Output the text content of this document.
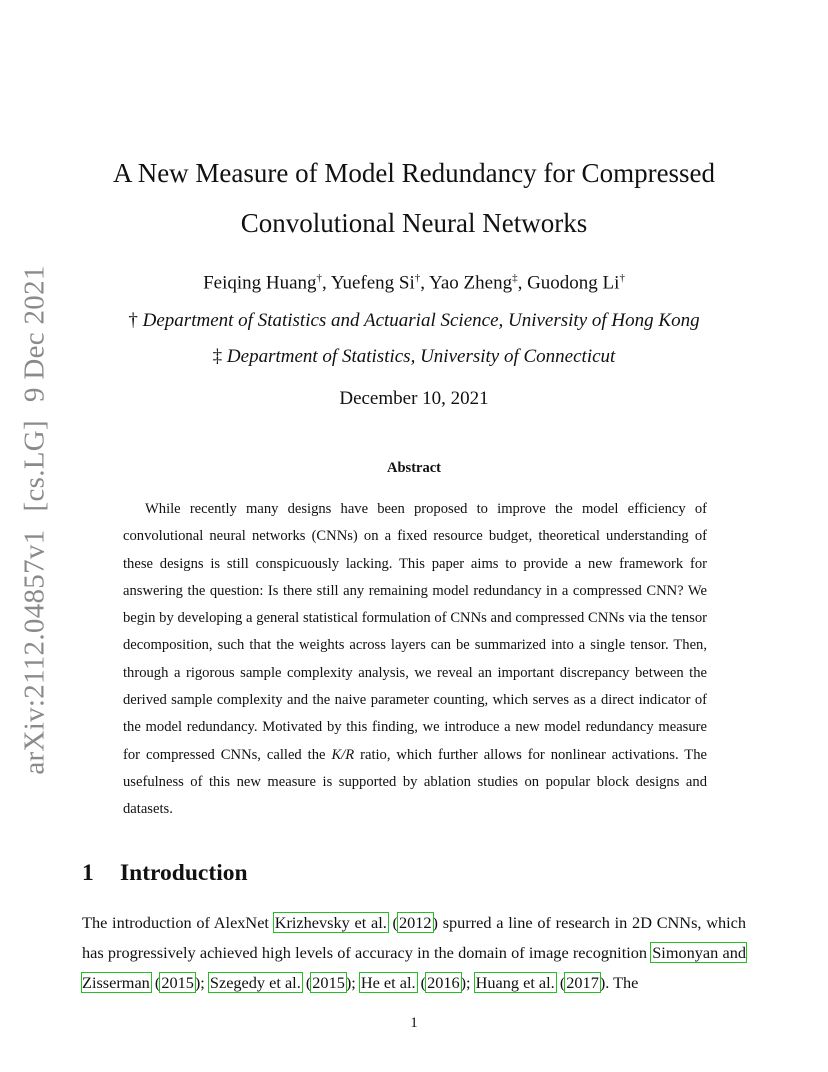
arXiv:2112.04857v1[cs.LG]9 Dec 2021
A New Measure of Model Redundancy for Compressed
Convolutional Neural Networks
Feiqing Huang†, Yuefeng Si†, Yao Zheng‡, Guodong Li†
† Department of Statistics and Actuarial Science, University of Hong Kong
‡ Department of Statistics, University of Connecticut
December 10, 2021
Abstract

While recently many designs have been proposed to improve the model efficiency of convolutional neural networks (CNNs) on a fixed resource budget, theoretical understanding of these designs is still conspicuously lacking. This paper aims to provide a new framework for answering the question: Is there still any remaining model redundancy in a compressed CNN? We begin by developing a general statistical formulation of CNNs and compressed CNNs via the tensor decomposition, such that the weights across layers can be summarized into a single tensor. Then, through a rigorous sample complexity analysis, we reveal an important discrepancy between the derived sample complexity and the naive parameter counting, which serves as a direct indicator of the model redundancy. Motivated by this finding, we introduce a new model redundancy measure for compressed CNNs, called the K/R ratio, which further allows for nonlinear activations. The usefulness of this new measure is supported by ablation studies on popular block designs and datasets.

1 Introduction

The introduction of AlexNet Krizhevsky et al. (2012) spurred a line of research in 2D CNNs, which has progressively achieved high levels of accuracy in the domain of image recognition Simonyan and Zisserman (2015); Szegedy et al. (2015); He et al. (2016); Huang et al. (2017). The

1
